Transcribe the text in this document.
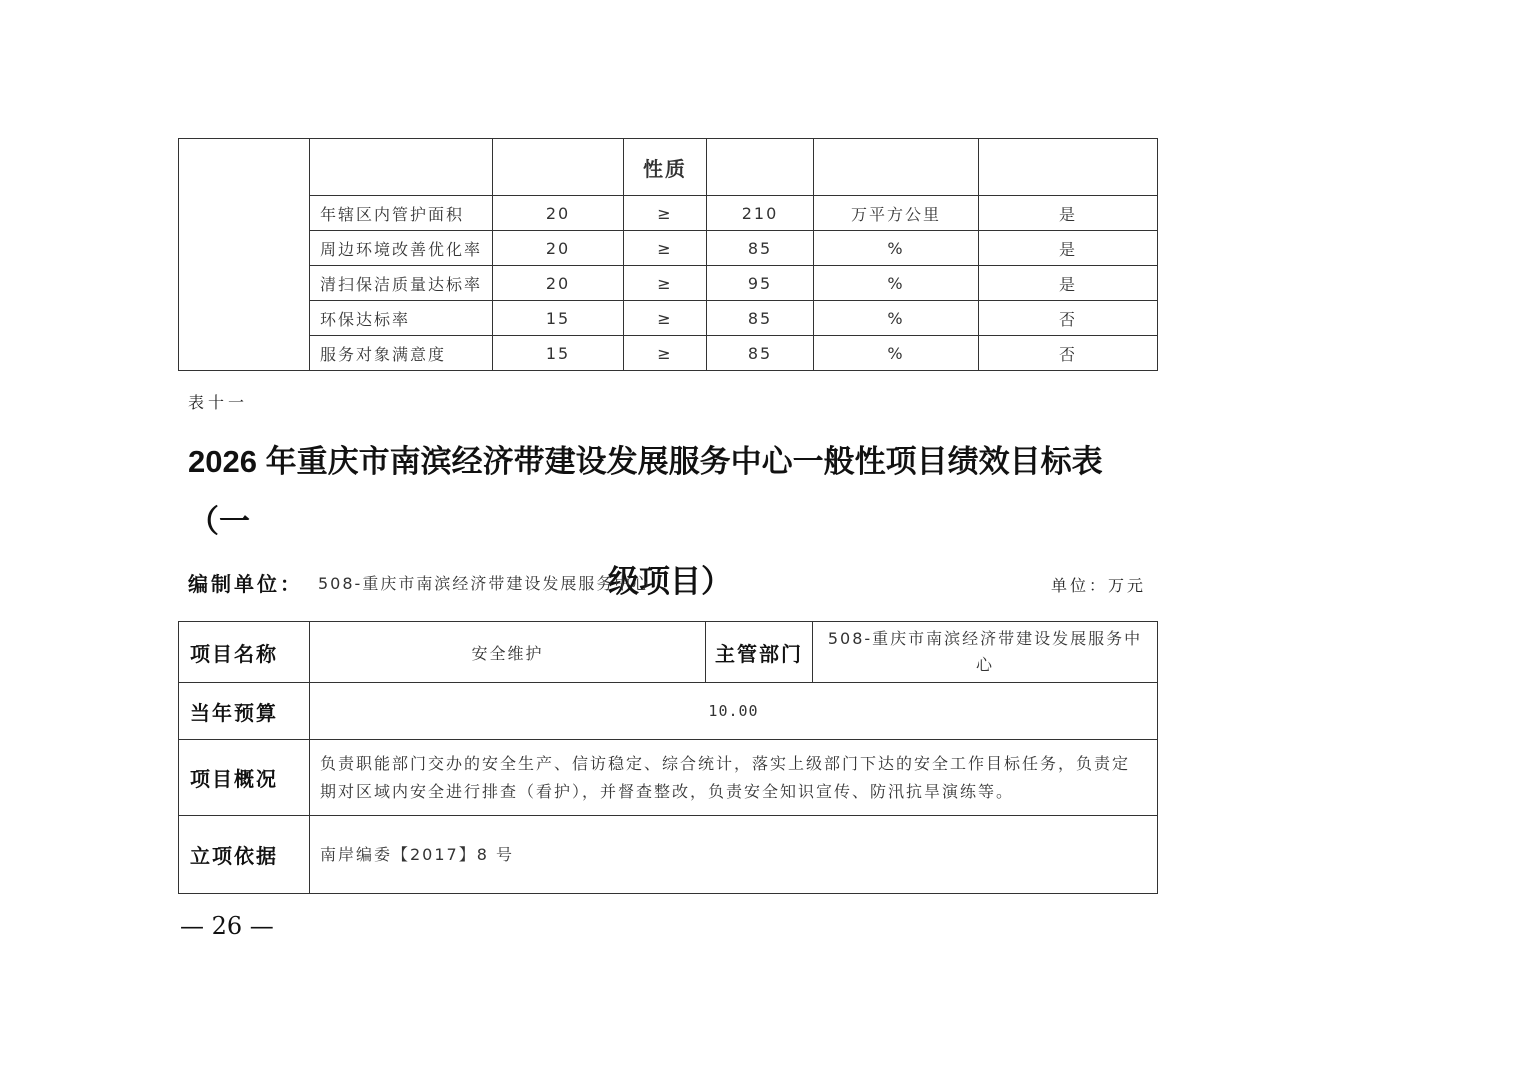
			性质			
	年辖区内管护面积	20	≥	210	万平方公里	是
	周边环境改善优化率	20	≥	85	%	是
	清扫保洁质量达标率	20	≥	95	%	是
	环保达标率	15	≥	85	%	否
	服务对象满意度	15	≥	85	%	否
表十一
2026 年重庆市南滨经济带建设发展服务中心一般性项目绩效目标表（一
级项目）
编制单位： 508-重庆市南滨经济带建设发展服务中心	单位：万元
项目名称	安全维护	主管部门	508-重庆市南滨经济带建设发展服务中心
当年预算	10.00		
项目概况	负责职能部门交办的安全生产、信访稳定、综合统计，落实上级部门下达的安全工作目标任务，负责定期对区域内安全进行排查（看护），并督查整改，负责安全知识宣传、防汛抗旱演练等。		
立项依据	南岸编委【2017】8 号		
— 26 —
